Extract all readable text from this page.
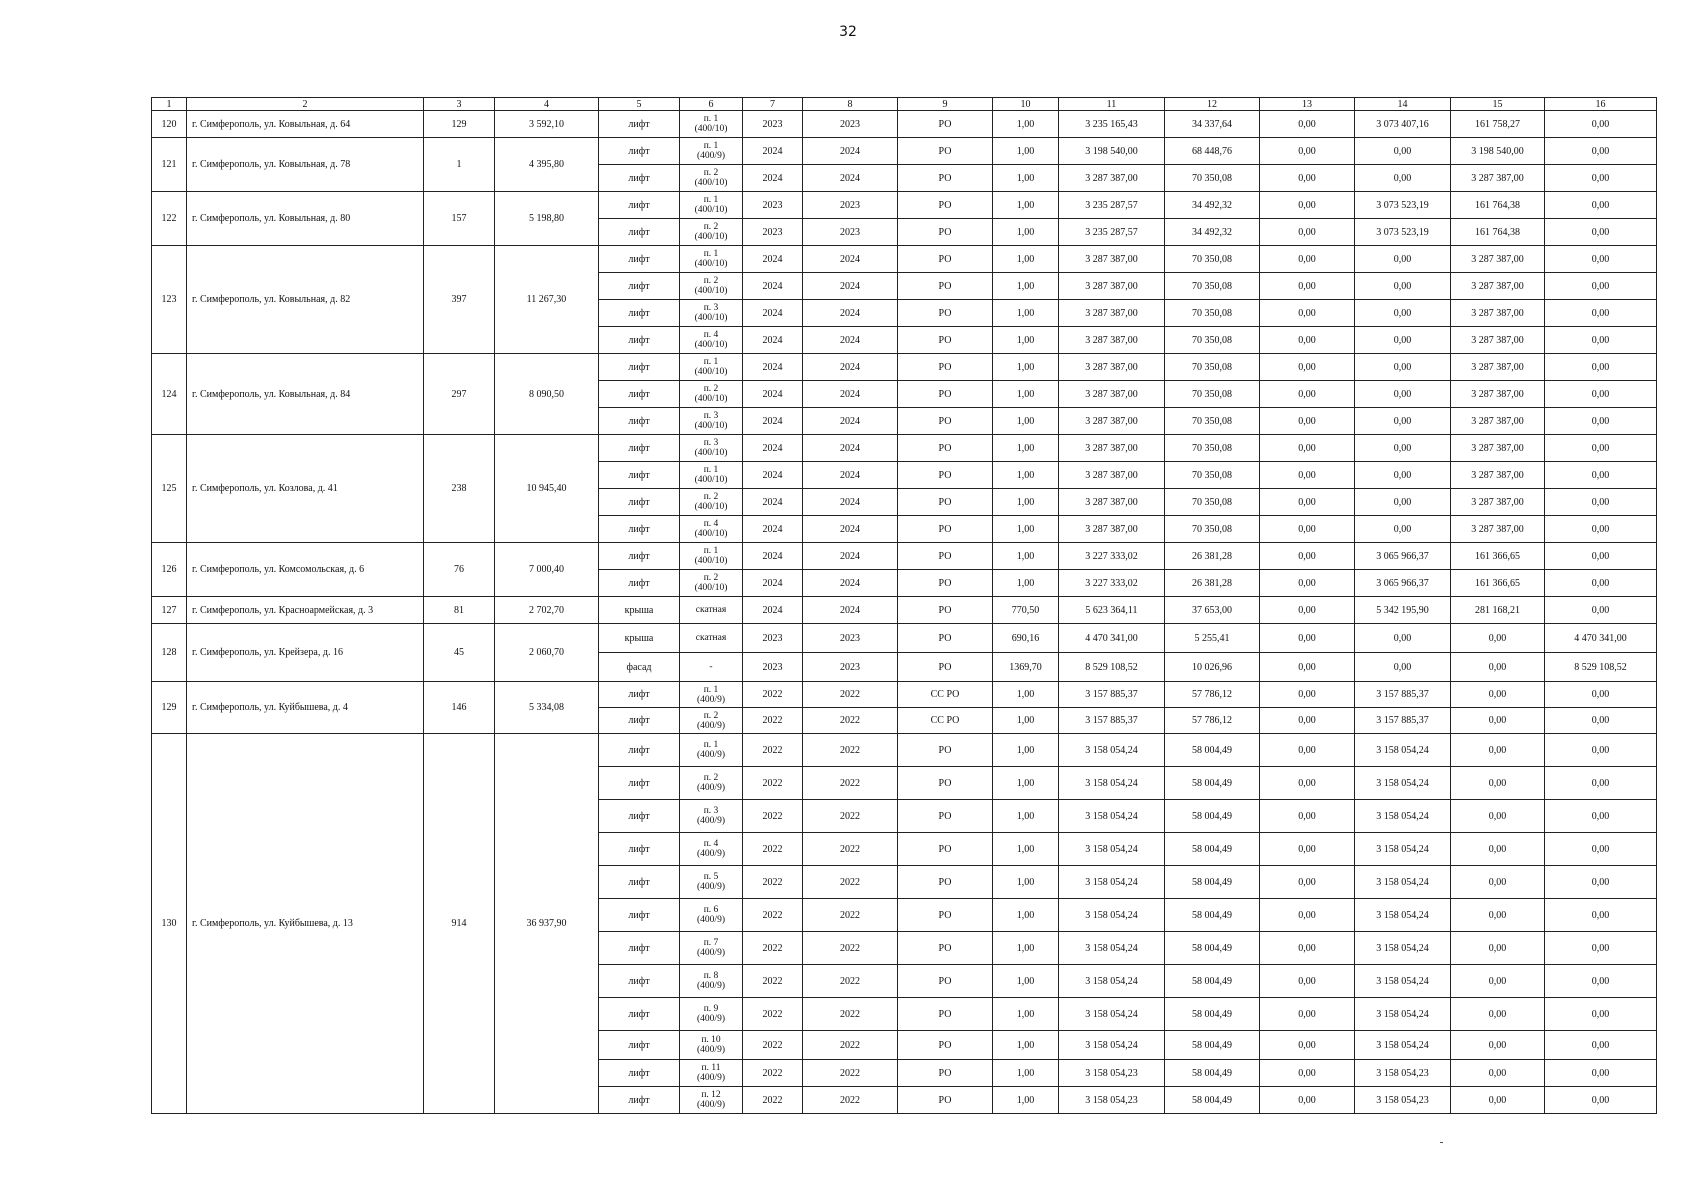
32
1	2	3	4	5	6	7	8	9	10	11	12	13	14	15	16
120	г. Симферополь, ул. Ковыльная, д. 64	129	3 592,10	лифт	п. 1
(400/10)	2023	2023	РО	1,00	3 235 165,43	34 337,64	0,00	3 073 407,16	161 758,27	0,00
121	г. Симферополь, ул. Ковыльная, д. 78	1	4 395,80	лифт	п. 1
(400/9)	2024	2024	РО	1,00	3 198 540,00	68 448,76	0,00	0,00	3 198 540,00	0,00
				лифт	п. 2
(400/10)	2024	2024	РО	1,00	3 287 387,00	70 350,08	0,00	0,00	3 287 387,00	0,00
122	г. Симферополь, ул. Ковыльная, д. 80	157	5 198,80	лифт	п. 1
(400/10)	2023	2023	РО	1,00	3 235 287,57	34 492,32	0,00	3 073 523,19	161 764,38	0,00
				лифт	п. 2
(400/10)	2023	2023	РО	1,00	3 235 287,57	34 492,32	0,00	3 073 523,19	161 764,38	0,00
123	г. Симферополь, ул. Ковыльная, д. 82	397	11 267,30	лифт	п. 1
(400/10)	2024	2024	РО	1,00	3 287 387,00	70 350,08	0,00	0,00	3 287 387,00	0,00
				лифт	п. 2
(400/10)	2024	2024	РО	1,00	3 287 387,00	70 350,08	0,00	0,00	3 287 387,00	0,00
				лифт	п. 3
(400/10)	2024	2024	РО	1,00	3 287 387,00	70 350,08	0,00	0,00	3 287 387,00	0,00
				лифт	п. 4
(400/10)	2024	2024	РО	1,00	3 287 387,00	70 350,08	0,00	0,00	3 287 387,00	0,00
124	г. Симферополь, ул. Ковыльная, д. 84	297	8 090,50	лифт	п. 1
(400/10)	2024	2024	РО	1,00	3 287 387,00	70 350,08	0,00	0,00	3 287 387,00	0,00
				лифт	п. 2
(400/10)	2024	2024	РО	1,00	3 287 387,00	70 350,08	0,00	0,00	3 287 387,00	0,00
				лифт	п. 3
(400/10)	2024	2024	РО	1,00	3 287 387,00	70 350,08	0,00	0,00	3 287 387,00	0,00
125	г. Симферополь, ул. Козлова, д. 41	238	10 945,40	лифт	п. 3
(400/10)	2024	2024	РО	1,00	3 287 387,00	70 350,08	0,00	0,00	3 287 387,00	0,00
				лифт	п. 1
(400/10)	2024	2024	РО	1,00	3 287 387,00	70 350,08	0,00	0,00	3 287 387,00	0,00
				лифт	п. 2
(400/10)	2024	2024	РО	1,00	3 287 387,00	70 350,08	0,00	0,00	3 287 387,00	0,00
				лифт	п. 4
(400/10)	2024	2024	РО	1,00	3 287 387,00	70 350,08	0,00	0,00	3 287 387,00	0,00
126	г. Симферополь, ул. Комсомольская, д. 6	76	7 000,40	лифт	п. 1
(400/10)	2024	2024	РО	1,00	3 227 333,02	26 381,28	0,00	3 065 966,37	161 366,65	0,00
				лифт	п. 2
(400/10)	2024	2024	РО	1,00	3 227 333,02	26 381,28	0,00	3 065 966,37	161 366,65	0,00
127	г. Симферополь, ул. Красноармейская, д. 3	81	2 702,70	крыша	скатная	2024	2024	РО	770,50	5 623 364,11	37 653,00	0,00	5 342 195,90	281 168,21	0,00
128	г. Симферополь, ул. Крейзера, д. 16	45	2 060,70	крыша	скатная	2023	2023	РО	690,16	4 470 341,00	5 255,41	0,00	0,00	0,00	4 470 341,00
				фасад	-	2023	2023	РО	1369,70	8 529 108,52	10 026,96	0,00	0,00	0,00	8 529 108,52
129	г. Симферополь, ул. Куйбышева, д. 4	146	5 334,08	лифт	п. 1
(400/9)	2022	2022	СС РО	1,00	3 157 885,37	57 786,12	0,00	3 157 885,37	0,00	0,00
				лифт	п. 2
(400/9)	2022	2022	СС РО	1,00	3 157 885,37	57 786,12	0,00	3 157 885,37	0,00	0,00
130	г. Симферополь, ул. Куйбышева, д. 13	914	36 937,90	лифт	п. 1
(400/9)	2022	2022	РО	1,00	3 158 054,24	58 004,49	0,00	3 158 054,24	0,00	0,00
				лифт	п. 2
(400/9)	2022	2022	РО	1,00	3 158 054,24	58 004,49	0,00	3 158 054,24	0,00	0,00
				лифт	п. 3
(400/9)	2022	2022	РО	1,00	3 158 054,24	58 004,49	0,00	3 158 054,24	0,00	0,00
				лифт	п. 4
(400/9)	2022	2022	РО	1,00	3 158 054,24	58 004,49	0,00	3 158 054,24	0,00	0,00
				лифт	п. 5
(400/9)	2022	2022	РО	1,00	3 158 054,24	58 004,49	0,00	3 158 054,24	0,00	0,00
				лифт	п. 6
(400/9)	2022	2022	РО	1,00	3 158 054,24	58 004,49	0,00	3 158 054,24	0,00	0,00
				лифт	п. 7
(400/9)	2022	2022	РО	1,00	3 158 054,24	58 004,49	0,00	3 158 054,24	0,00	0,00
				лифт	п. 8
(400/9)	2022	2022	РО	1,00	3 158 054,24	58 004,49	0,00	3 158 054,24	0,00	0,00
				лифт	п. 9
(400/9)	2022	2022	РО	1,00	3 158 054,24	58 004,49	0,00	3 158 054,24	0,00	0,00
				лифт	п. 10
(400/9)	2022	2022	РО	1,00	3 158 054,24	58 004,49	0,00	3 158 054,24	0,00	0,00
				лифт	п. 11
(400/9)	2022	2022	РО	1,00	3 158 054,23	58 004,49	0,00	3 158 054,23	0,00	0,00
				лифт	п. 12
(400/9)	2022	2022	РО	1,00	3 158 054,23	58 004,49	0,00	3 158 054,23	0,00	0,00
